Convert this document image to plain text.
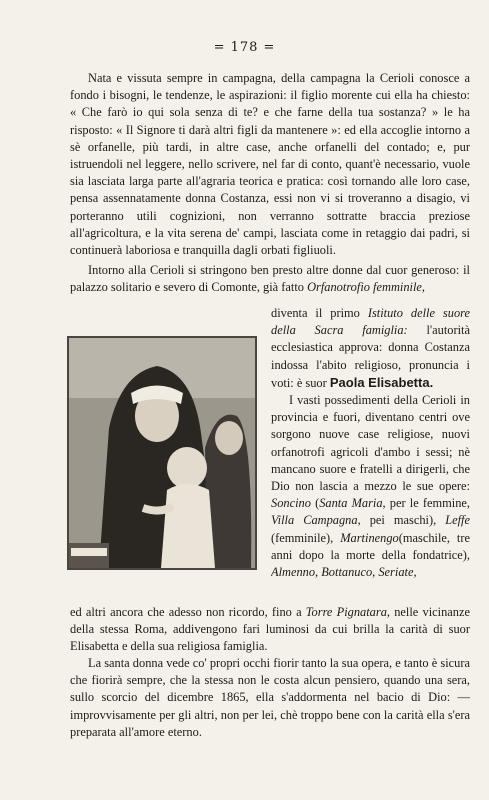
= 178 =
Nata e vissuta sempre in campagna, della campagna la Cerioli conosce a fondo i bisogni, le tendenze, le aspirazioni: il figlio morente cui ella ha chiesto: « Che farò io qui sola senza di te? e che farne della tua sostanza? » le ha risposto: « Il Signore ti darà altri figli da mantenere »: ed ella accoglie intorno a sè orfanelle, più tardi, in altre case, anche orfanelli del contado; e, pur istruendoli nel leggere, nello scrivere, nel far di conto, quant'è necessario, vuole sia lasciata larga parte all'agraria teorica e pratica: così tornando alle loro case, pensa assennatamente donna Costanza, essi non vi si troveranno a disagio, vi porteranno utili cognizioni, non verranno sottratte braccia preziose all'agricoltura, e la vita serena de' campi, lasciata come in retaggio dai padri, si continuerà laboriosa e tranquilla dagli orbati figliuoli.
Intorno alla Cerioli si stringono ben presto altre donne dal cuor generoso: il palazzo solitario e severo di Comonte, già fatto Orfanotrofio femminile,
diventa il primo Istituto delle suore della Sacra famiglia: l'autorità ecclesiastica approva: donna Costanza indossa l'abito religioso, pronuncia i voti: è suor Paola Elisabetta.
I vasti possedimenti della Cerioli in provincia e fuori, diventano centri ove sorgono nuove case religiose, nuovi orfanotrofi agricoli d'ambo i sessi; nè mancano suore e fratelli a dirigerli, che Dio non lascia a mezzo le sue opere: Soncino (Santa Maria, per le femmine, Villa Campagna, pei maschi), Leffe (femminile), Martinengo(maschile, tre anni dopo la morte della fondatrice), Almenno, Bottanuco, Seriate,
ed altri ancora che adesso non ricordo, fino a Torre Pignatara, nelle vicinanze della stessa Roma, addivengono fari luminosi da cui brilla la carità di suor Elisabetta e della sua religiosa famiglia.
La santa donna vede co' propri occhi fiorir tanto la sua opera, e tanto è sicura che fiorirà sempre, che la stessa non le costa alcun pensiero, quando una sera, sullo scorcio del dicembre 1865, ella s'addormenta nel bacio di Dio: — improvvisamente per gli altri, non per lei, chè troppo bene con la carità ella s'era preparata all'amore eterno.
